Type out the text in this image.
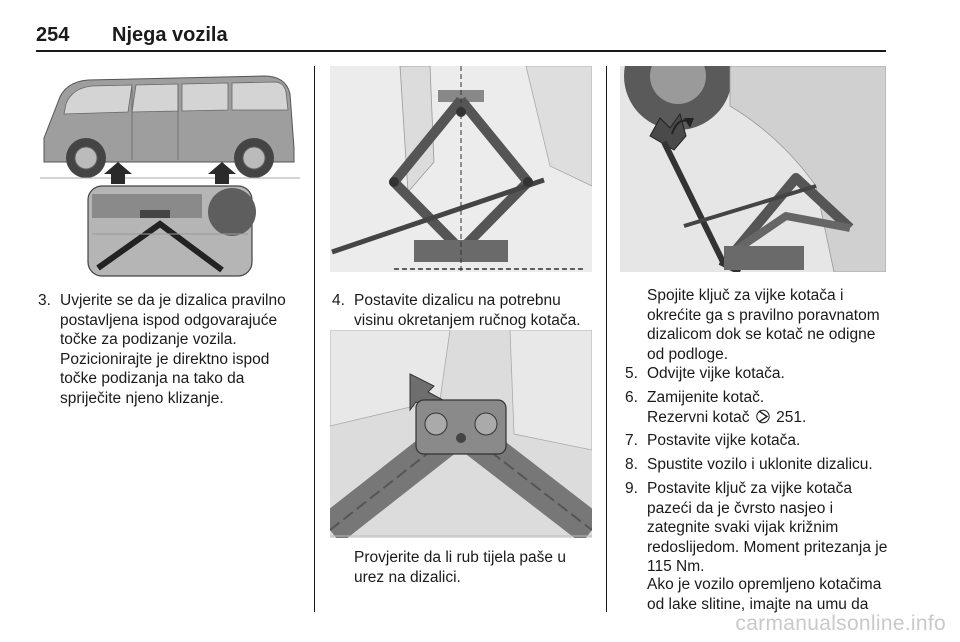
254 Njega vozila
3. Uvjerite se da je dizalica pravilno postavljena ispod odgovarajuće točke za podizanje vozila. Pozicionirajte je direktno ispod točke podizanja na tako da spriječite njeno klizanje.
4. Postavite dizalicu na potrebnu visinu okretanjem ručnog kotača.
Provjerite da li rub tijela paše u urez na dizalici.
Spojite ključ za vijke kotača i okrećite ga s pravilno poravnatom dizalicom dok se kotač ne odigne od podloge.
5. Odvijte vijke kotača.
6. Zamijenite kotač.
Rezervni kotač 251.
7. Postavite vijke kotača.
8. Spustite vozilo i uklonite dizalicu.
9. Postavite ključ za vijke kotača pazeći da je čvrsto nasjeo i zategnite svaki vijak križnim redoslijedom. Moment pritezanja je 115 Nm.
Ako je vozilo opremljeno kotačima od lake slitine, imajte na umu da
carmanualsonline.info
